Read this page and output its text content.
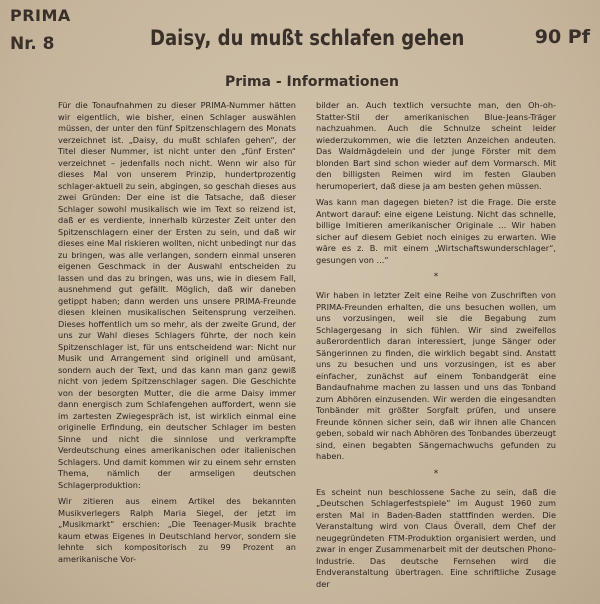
PRIMA
Nr. 8	Daisy, du mußt schlafen gehen	90 Pf
Prima - Informationen

Für die Tonaufnahmen zu dieser PRIMA-Nummer hätten wir eigentlich, wie bisher, einen Schlager auswählen müssen, der unter den fünf Spitzenschlagern des Monats verzeichnet ist. „Daisy, du mußt schlafen gehen“, der Titel dieser Nummer, ist nicht unter den „fünf Ersten“ verzeichnet – jedenfalls noch nicht. Wenn wir also für dieses Mal von unserem Prinzip, hundertprozentig schlager-aktuell zu sein, abgingen, so geschah dieses aus zwei Gründen: Der eine ist die Tatsache, daß dieser Schlager sowohl musikalisch wie im Text so reizend ist, daß er es verdiente, innerhalb kürzester Zeit unter den Spitzenschlagern einer der Ersten zu sein, und daß wir dieses eine Mal riskieren wollten, nicht unbedingt nur das zu bringen, was alle verlangen, sondern einmal unseren eigenen Geschmack in der Auswahl entscheiden zu lassen und das zu bringen, was uns, wie in diesem Fall, ausnehmend gut gefällt. Möglich, daß wir daneben getippt haben; dann werden uns unsere PRIMA-Freunde diesen kleinen musikalischen Seitensprung verzeihen. Dieses hoffentlich um so mehr, als der zweite Grund, der uns zur Wahl dieses Schlagers führte, der noch kein Spitzenschlager ist, für uns entscheidend war: Nicht nur Musik und Arrangement sind originell und amüsant, sondern auch der Text, und das kann man ganz gewiß nicht von jedem Spitzenschlager sagen. Die Geschichte von der besorgten Mutter, die die arme Daisy immer dann energisch zum Schlafengehen auffordert, wenn sie im zartesten Zwiegespräch ist, ist wirklich einmal eine originelle Erfindung, ein deutscher Schlager im besten Sinne und nicht die sinnlose und verkrampfte Verdeutschung eines amerikanischen oder italienischen Schlagers. Und damit kommen wir zu einem sehr ernsten Thema, nämlich der armseligen deutschen Schlagerproduktion:

Wir zitieren aus einem Artikel des bekannten Musikverlegers Ralph Maria Siegel, der jetzt im „Musikmarkt“ erschien: „Die Teenager-Musik brachte kaum etwas Eigenes in Deutschland hervor, sondern sie lehnte sich kompositorisch zu 99 Prozent an amerikanische Vor-

bilder an. Auch textlich versuchte man, den Oh-oh-Statter-Stil der amerikanischen Blue-Jeans-Träger nachzuahmen. Auch die Schnulze scheint leider wiederzukommen, wie die letzten Anzeichen andeuten. Das Waldmägdelein und der junge Förster mit dem blonden Bart sind schon wieder auf dem Vormarsch. Mit den billigsten Reimen wird im festen Glauben herumoperiert, daß diese ja am besten gehen müssen.

Was kann man dagegen bieten? ist die Frage. Die erste Antwort darauf: eine eigene Leistung. Nicht das schnelle, billige Imitieren amerikanischer Originale ... Wir haben sicher auf diesem Gebiet noch einiges zu erwarten. Wie wäre es z. B. mit einem „Wirtschaftswunderschlager“, gesungen von ...“

*

Wir haben in letzter Zeit eine Reihe von Zuschriften von PRIMA-Freunden erhalten, die uns besuchen wollen, um uns vorzusingen, weil sie die Begabung zum Schlagergesang in sich fühlen. Wir sind zweifellos außerordentlich daran interessiert, junge Sänger oder Sängerinnen zu finden, die wirklich begabt sind. Anstatt uns zu besuchen und uns vorzusingen, ist es aber einfacher, zunächst auf einem Tonbandgerät eine Bandaufnahme machen zu lassen und uns das Tonband zum Abhören einzusenden. Wir werden die eingesandten Tonbänder mit größter Sorgfalt prüfen, und unsere Freunde können sicher sein, daß wir ihnen alle Chancen geben, sobald wir nach Abhören des Tonbandes überzeugt sind, einen begabten Sängernachwuchs gefunden zu haben.

*

Es scheint nun beschlossene Sache zu sein, daß die „Deutschen Schlagerfestspiele“ im August 1960 zum ersten Mal in Baden-Baden stattfinden werden. Die Veranstaltung wird von Claus Överall, dem Chef der neugegründeten FTM-Produktion organisiert werden, und zwar in enger Zusammenarbeit mit der deutschen Phono-Industrie. Das deutsche Fernsehen wird die Endveranstaltung übertragen. Eine schriftliche Zusage der
